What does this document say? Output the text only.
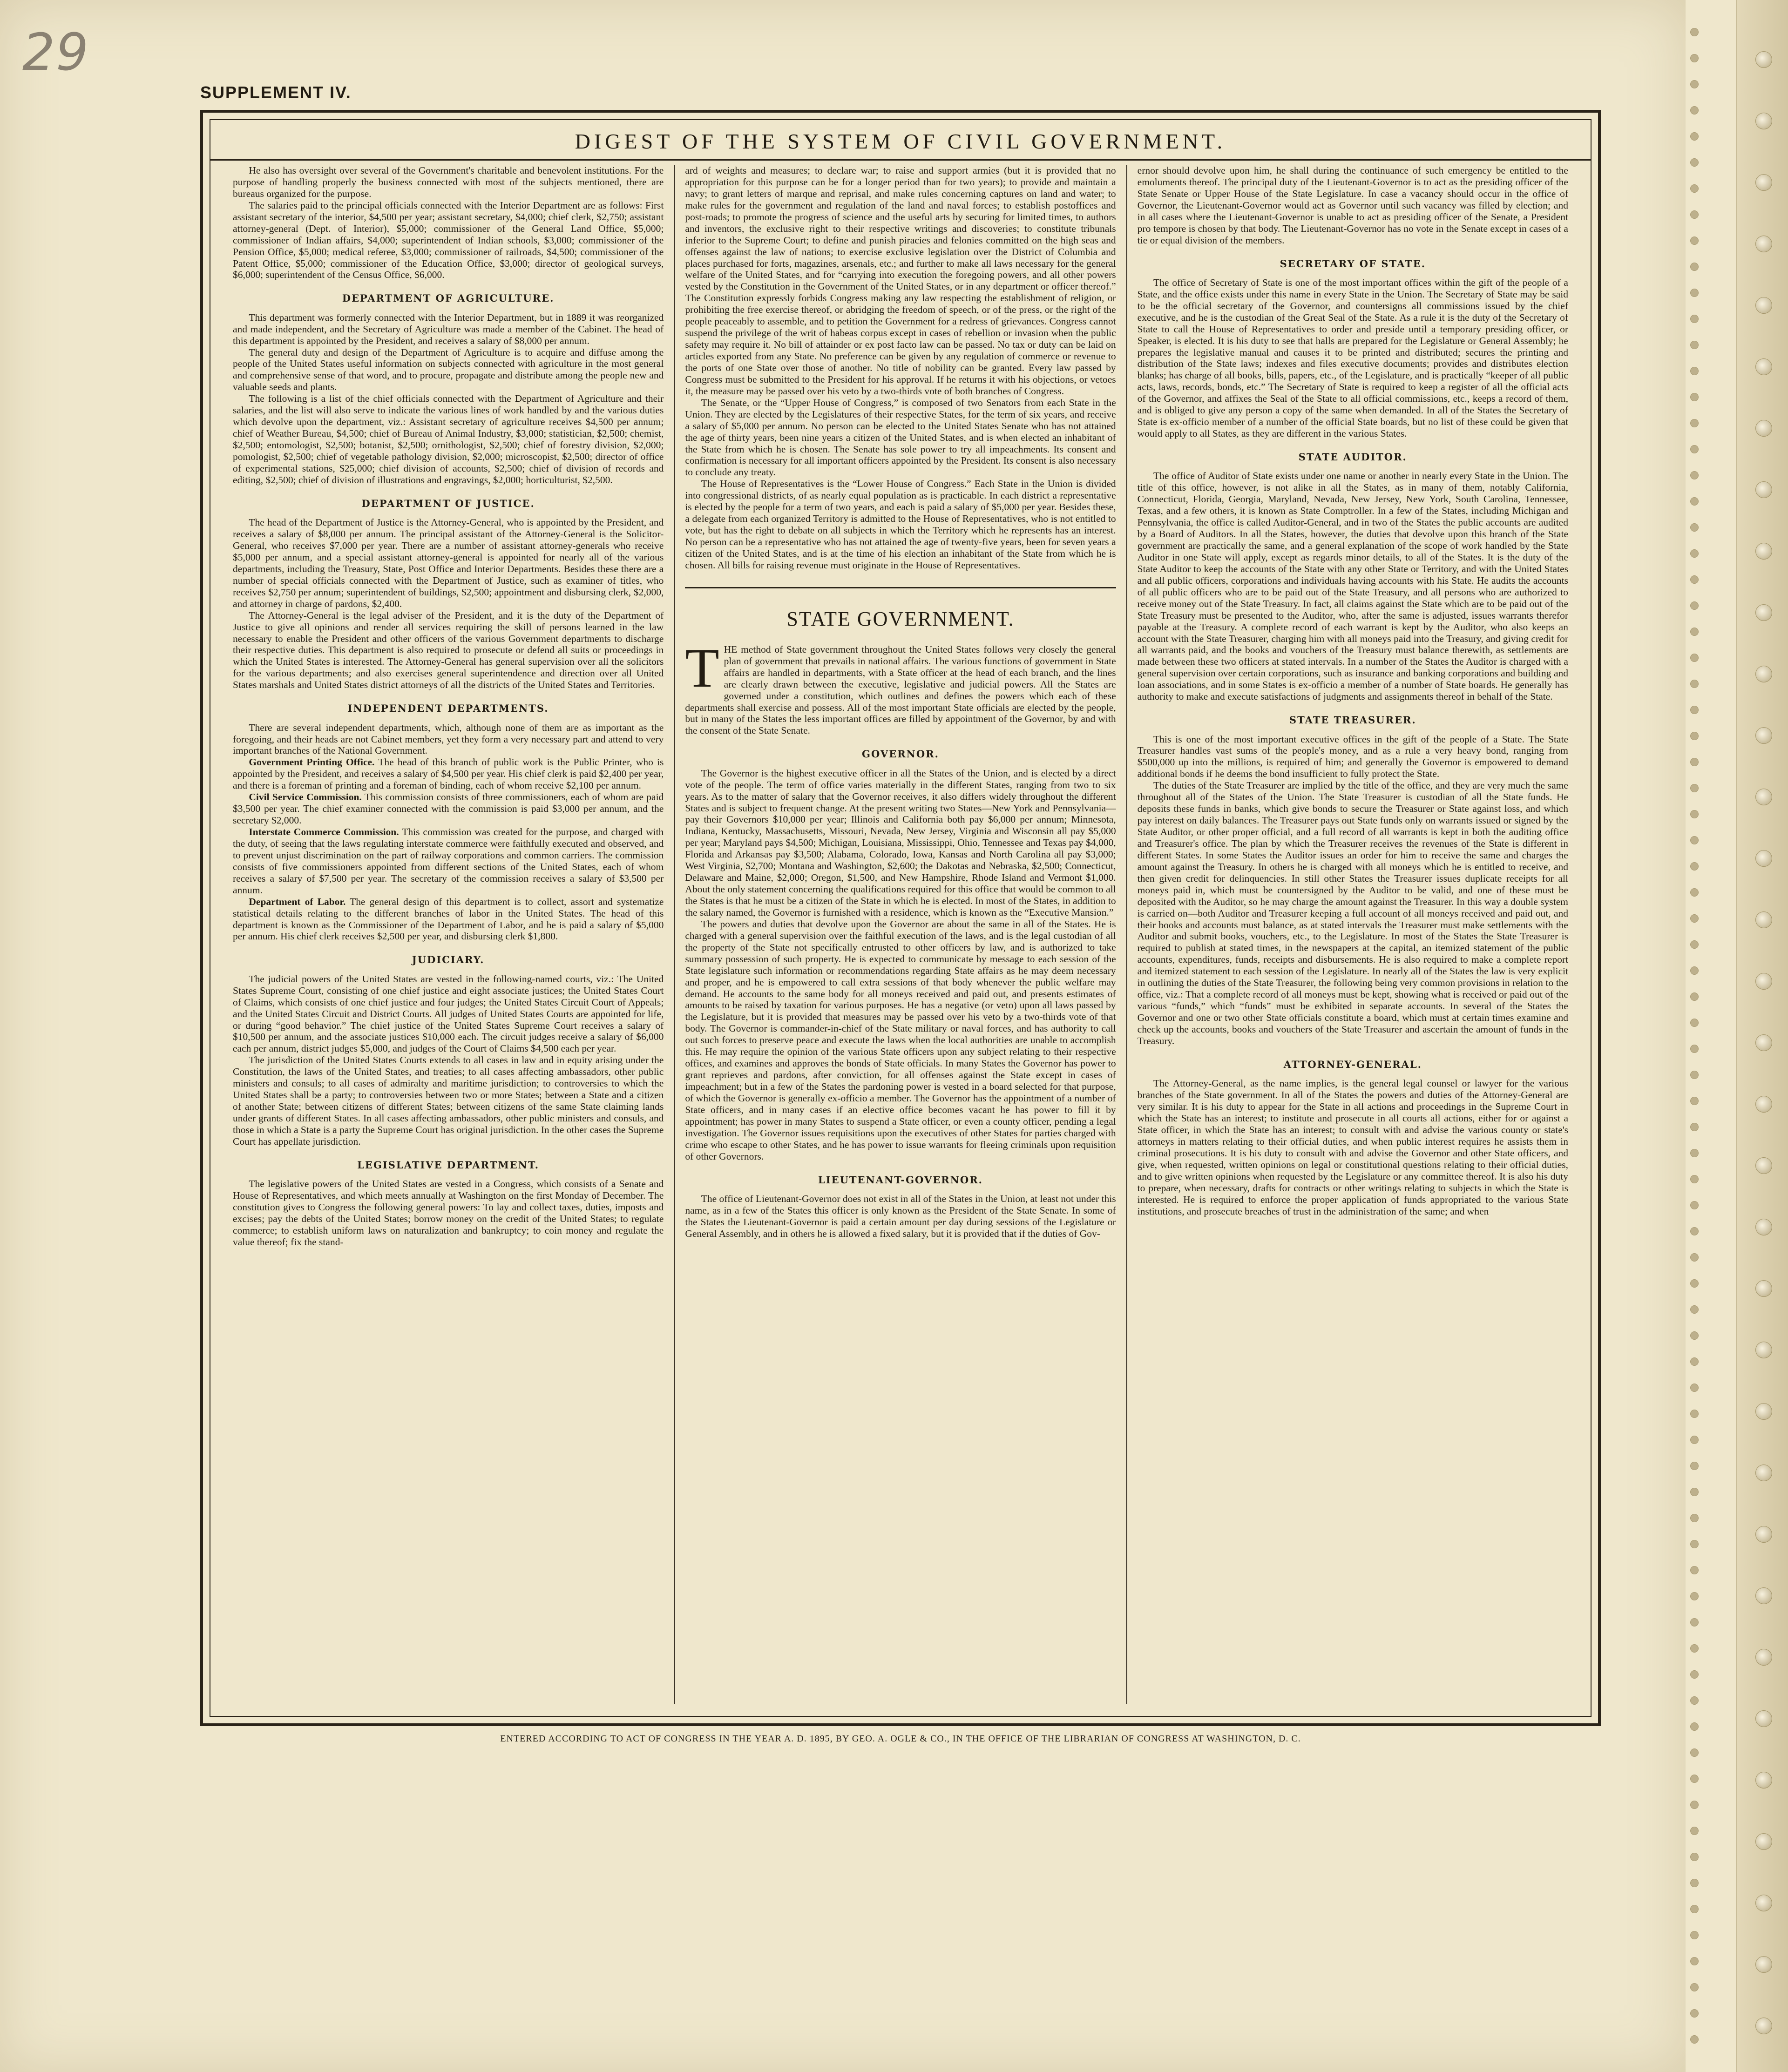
29
SUPPLEMENT IV.
DIGEST OF THE SYSTEM OF CIVIL GOVERNMENT.

He also has oversight over several of the Government's charitable and benevolent institutions. For the purpose of handling properly the business connected with most of the subjects mentioned, there are bureaus organized for the purpose.

The salaries paid to the principal officials connected with the Interior Department are as follows: First assistant secretary of the interior, $4,500 per year; assistant secretary, $4,000; chief clerk, $2,750; assistant attorney-general (Dept. of Interior), $5,000; commissioner of the General Land Office, $5,000; commissioner of Indian affairs, $4,000; superintendent of Indian schools, $3,000; commissioner of the Pension Office, $5,000; medical referee, $3,000; commissioner of railroads, $4,500; commissioner of the Patent Office, $5,000; commissioner of the Education Office, $3,000; director of geological surveys, $6,000; superintendent of the Census Office, $6,000.

DEPARTMENT OF AGRICULTURE.

This department was formerly connected with the Interior Department, but in 1889 it was reorganized and made independent, and the Secretary of Agriculture was made a member of the Cabinet. The head of this department is appointed by the President, and receives a salary of $8,000 per annum.

The general duty and design of the Department of Agriculture is to acquire and diffuse among the people of the United States useful information on subjects connected with agriculture in the most general and comprehensive sense of that word, and to procure, propagate and distribute among the people new and valuable seeds and plants.

The following is a list of the chief officials connected with the Department of Agriculture and their salaries, and the list will also serve to indicate the various lines of work handled by and the various duties which devolve upon the department, viz.: Assistant secretary of agriculture receives $4,500 per annum; chief of Weather Bureau, $4,500; chief of Bureau of Animal Industry, $3,000; statistician, $2,500; chemist, $2,500; entomologist, $2,500; botanist, $2,500; ornithologist, $2,500; chief of forestry division, $2,000; pomologist, $2,500; chief of vegetable pathology division, $2,000; microscopist, $2,500; director of office of experimental stations, $25,000; chief division of accounts, $2,500; chief of division of records and editing, $2,500; chief of division of illustrations and engravings, $2,000; horticulturist, $2,500.

DEPARTMENT OF JUSTICE.

The head of the Department of Justice is the Attorney-General, who is appointed by the President, and receives a salary of $8,000 per annum. The principal assistant of the Attorney-General is the Solicitor-General, who receives $7,000 per year. There are a number of assistant attorney-generals who receive $5,000 per annum, and a special assistant attorney-general is appointed for nearly all of the various departments, including the Treasury, State, Post Office and Interior Departments. Besides these there are a number of special officials connected with the Department of Justice, such as examiner of titles, who receives $2,750 per annum; superintendent of buildings, $2,500; appointment and disbursing clerk, $2,000, and attorney in charge of pardons, $2,400.

The Attorney-General is the legal adviser of the President, and it is the duty of the Department of Justice to give all opinions and render all services requiring the skill of persons learned in the law necessary to enable the President and other officers of the various Government departments to discharge their respective duties. This department is also required to prosecute or defend all suits or proceedings in which the United States is interested. The Attorney-General has general supervision over all the solicitors for the various departments; and also exercises general superintendence and direction over all United States marshals and United States district attorneys of all the districts of the United States and Territories.

INDEPENDENT DEPARTMENTS.

There are several independent departments, which, although none of them are as important as the foregoing, and their heads are not Cabinet members, yet they form a very necessary part and attend to very important branches of the National Government.

Government Printing Office. The head of this branch of public work is the Public Printer, who is appointed by the President, and receives a salary of $4,500 per year. His chief clerk is paid $2,400 per year, and there is a foreman of printing and a foreman of binding, each of whom receive $2,100 per annum.

Civil Service Commission. This commission consists of three commissioners, each of whom are paid $3,500 per year. The chief examiner connected with the commission is paid $3,000 per annum, and the secretary $2,000.

Interstate Commerce Commission. This commission was created for the purpose, and charged with the duty, of seeing that the laws regulating interstate commerce were faithfully executed and observed, and to prevent unjust discrimination on the part of railway corporations and common carriers. The commission consists of five commissioners appointed from different sections of the United States, each of whom receives a salary of $7,500 per year. The secretary of the commission receives a salary of $3,500 per annum.

Department of Labor. The general design of this department is to collect, assort and systematize statistical details relating to the different branches of labor in the United States. The head of this department is known as the Commissioner of the Department of Labor, and he is paid a salary of $5,000 per annum. His chief clerk receives $2,500 per year, and disbursing clerk $1,800.

JUDICIARY.

The judicial powers of the United States are vested in the following-named courts, viz.: The United States Supreme Court, consisting of one chief justice and eight associate justices; the United States Court of Claims, which consists of one chief justice and four judges; the United States Circuit Court of Appeals; and the United States Circuit and District Courts. All judges of United States Courts are appointed for life, or during “good behavior.” The chief justice of the United States Supreme Court receives a salary of $10,500 per annum, and the associate justices $10,000 each. The circuit judges receive a salary of $6,000 each per annum, district judges $5,000, and judges of the Court of Claims $4,500 each per year.

The jurisdiction of the United States Courts extends to all cases in law and in equity arising under the Constitution, the laws of the United States, and treaties; to all cases affecting ambassadors, other public ministers and consuls; to all cases of admiralty and maritime jurisdiction; to controversies to which the United States shall be a party; to controversies between two or more States; between a State and a citizen of another State; between citizens of different States; between citizens of the same State claiming lands under grants of different States. In all cases affecting ambassadors, other public ministers and consuls, and those in which a State is a party the Supreme Court has original jurisdiction. In the other cases the Supreme Court has appellate jurisdiction.

LEGISLATIVE DEPARTMENT.

The legislative powers of the United States are vested in a Congress, which consists of a Senate and House of Representatives, and which meets annually at Washington on the first Monday of December. The constitution gives to Congress the following general powers: To lay and collect taxes, duties, imposts and excises; pay the debts of the United States; borrow money on the credit of the United States; to regulate commerce; to establish uniform laws on naturalization and bankruptcy; to coin money and regulate the value thereof; fix the stand-

ard of weights and measures; to declare war; to raise and support armies (but it is provided that no appropriation for this purpose can be for a longer period than for two years); to provide and maintain a navy; to grant letters of marque and reprisal, and make rules concerning captures on land and water; to make rules for the government and regulation of the land and naval forces; to establish postoffices and post-roads; to promote the progress of science and the useful arts by securing for limited times, to authors and inventors, the exclusive right to their respective writings and discoveries; to constitute tribunals inferior to the Supreme Court; to define and punish piracies and felonies committed on the high seas and offenses against the law of nations; to exercise exclusive legislation over the District of Columbia and places purchased for forts, magazines, arsenals, etc.; and further to make all laws necessary for the general welfare of the United States, and for “carrying into execution the foregoing powers, and all other powers vested by the Constitution in the Government of the United States, or in any department or officer thereof.” The Constitution expressly forbids Congress making any law respecting the establishment of religion, or prohibiting the free exercise thereof, or abridging the freedom of speech, or of the press, or the right of the people peaceably to assemble, and to petition the Government for a redress of grievances. Congress cannot suspend the privilege of the writ of habeas corpus except in cases of rebellion or invasion when the public safety may require it. No bill of attainder or ex post facto law can be passed. No tax or duty can be laid on articles exported from any State. No preference can be given by any regulation of commerce or revenue to the ports of one State over those of another. No title of nobility can be granted. Every law passed by Congress must be submitted to the President for his approval. If he returns it with his objections, or vetoes it, the measure may be passed over his veto by a two-thirds vote of both branches of Congress.

The Senate, or the “Upper House of Congress,” is composed of two Senators from each State in the Union. They are elected by the Legislatures of their respective States, for the term of six years, and receive a salary of $5,000 per annum. No person can be elected to the United States Senate who has not attained the age of thirty years, been nine years a citizen of the United States, and is when elected an inhabitant of the State from which he is chosen. The Senate has sole power to try all impeachments. Its consent and confirmation is necessary for all important officers appointed by the President. Its consent is also necessary to conclude any treaty.

The House of Representatives is the “Lower House of Congress.” Each State in the Union is divided into congressional districts, of as nearly equal population as is practicable. In each district a representative is elected by the people for a term of two years, and each is paid a salary of $5,000 per year. Besides these, a delegate from each organized Territory is admitted to the House of Representatives, who is not entitled to vote, but has the right to debate on all subjects in which the Territory which he represents has an interest. No person can be a representative who has not attained the age of twenty-five years, been for seven years a citizen of the United States, and is at the time of his election an inhabitant of the State from which he is chosen. All bills for raising revenue must originate in the House of Representatives.

STATE GOVERNMENT.

THE method of State government throughout the United States follows very closely the general plan of government that prevails in national affairs. The various functions of government in State affairs are handled in departments, with a State officer at the head of each branch, and the lines are clearly drawn between the executive, legislative and judicial powers. All the States are governed under a constitution, which outlines and defines the powers which each of these departments shall exercise and possess. All of the most important State officials are elected by the people, but in many of the States the less important offices are filled by appointment of the Governor, by and with the consent of the State Senate.

GOVERNOR.

The Governor is the highest executive officer in all the States of the Union, and is elected by a direct vote of the people. The term of office varies materially in the different States, ranging from two to six years. As to the matter of salary that the Governor receives, it also differs widely throughout the different States and is subject to frequent change. At the present writing two States—New York and Pennsylvania—pay their Governors $10,000 per year; Illinois and California both pay $6,000 per annum; Minnesota, Indiana, Kentucky, Massachusetts, Missouri, Nevada, New Jersey, Virginia and Wisconsin all pay $5,000 per year; Maryland pays $4,500; Michigan, Louisiana, Mississippi, Ohio, Tennessee and Texas pay $4,000, Florida and Arkansas pay $3,500; Alabama, Colorado, Iowa, Kansas and North Carolina all pay $3,000; West Virginia, $2,700; Montana and Washington, $2,600; the Dakotas and Nebraska, $2,500; Connecticut, Delaware and Maine, $2,000; Oregon, $1,500, and New Hampshire, Rhode Island and Vermont $1,000. About the only statement concerning the qualifications required for this office that would be common to all the States is that he must be a citizen of the State in which he is elected. In most of the States, in addition to the salary named, the Governor is furnished with a residence, which is known as the “Executive Mansion.”

The powers and duties that devolve upon the Governor are about the same in all of the States. He is charged with a general supervision over the faithful execution of the laws, and is the legal custodian of all the property of the State not specifically entrusted to other officers by law, and is authorized to take summary possession of such property. He is expected to communicate by message to each session of the State legislature such information or recommendations regarding State affairs as he may deem necessary and proper, and he is empowered to call extra sessions of that body whenever the public welfare may demand. He accounts to the same body for all moneys received and paid out, and presents estimates of amounts to be raised by taxation for various purposes. He has a negative (or veto) upon all laws passed by the Legislature, but it is provided that measures may be passed over his veto by a two-thirds vote of that body. The Governor is commander-in-chief of the State military or naval forces, and has authority to call out such forces to preserve peace and execute the laws when the local authorities are unable to accomplish this. He may require the opinion of the various State officers upon any subject relating to their respective offices, and examines and approves the bonds of State officials. In many States the Governor has power to grant reprieves and pardons, after conviction, for all offenses against the State except in cases of impeachment; but in a few of the States the pardoning power is vested in a board selected for that purpose, of which the Governor is generally ex-officio a member. The Governor has the appointment of a number of State officers, and in many cases if an elective office becomes vacant he has power to fill it by appointment; has power in many States to suspend a State officer, or even a county officer, pending a legal investigation. The Governor issues requisitions upon the executives of other States for parties charged with crime who escape to other States, and he has power to issue warrants for fleeing criminals upon requisition of other Governors.

LIEUTENANT-GOVERNOR.

The office of Lieutenant-Governor does not exist in all of the States in the Union, at least not under this name, as in a few of the States this officer is only known as the President of the State Senate. In some of the States the Lieutenant-Governor is paid a certain amount per day during sessions of the Legislature or General Assembly, and in others he is allowed a fixed salary, but it is provided that if the duties of Gov-

ernor should devolve upon him, he shall during the continuance of such emergency be entitled to the emoluments thereof. The principal duty of the Lieutenant-Governor is to act as the presiding officer of the State Senate or Upper House of the State Legislature. In case a vacancy should occur in the office of Governor, the Lieutenant-Governor would act as Governor until such vacancy was filled by election; and in all cases where the Lieutenant-Governor is unable to act as presiding officer of the Senate, a President pro tempore is chosen by that body. The Lieutenant-Governor has no vote in the Senate except in cases of a tie or equal division of the members.

SECRETARY OF STATE.

The office of Secretary of State is one of the most important offices within the gift of the people of a State, and the office exists under this name in every State in the Union. The Secretary of State may be said to be the official secretary of the Governor, and countersigns all commissions issued by the chief executive, and he is the custodian of the Great Seal of the State. As a rule it is the duty of the Secretary of State to call the House of Representatives to order and preside until a temporary presiding officer, or Speaker, is elected. It is his duty to see that halls are prepared for the Legislature or General Assembly; he prepares the legislative manual and causes it to be printed and distributed; secures the printing and distribution of the State laws; indexes and files executive documents; provides and distributes election blanks; has charge of all books, bills, papers, etc., of the Legislature, and is practically “keeper of all public acts, laws, records, bonds, etc.” The Secretary of State is required to keep a register of all the official acts of the Governor, and affixes the Seal of the State to all official commissions, etc., keeps a record of them, and is obliged to give any person a copy of the same when demanded. In all of the States the Secretary of State is ex-officio member of a number of the official State boards, but no list of these could be given that would apply to all States, as they are different in the various States.

STATE AUDITOR.

The office of Auditor of State exists under one name or another in nearly every State in the Union. The title of this office, however, is not alike in all the States, as in many of them, notably California, Connecticut, Florida, Georgia, Maryland, Nevada, New Jersey, New York, South Carolina, Tennessee, Texas, and a few others, it is known as State Comptroller. In a few of the States, including Michigan and Pennsylvania, the office is called Auditor-General, and in two of the States the public accounts are audited by a Board of Auditors. In all the States, however, the duties that devolve upon this branch of the State government are practically the same, and a general explanation of the scope of work handled by the State Auditor in one State will apply, except as regards minor details, to all of the States. It is the duty of the State Auditor to keep the accounts of the State with any other State or Territory, and with the United States and all public officers, corporations and individuals having accounts with his State. He audits the accounts of all public officers who are to be paid out of the State Treasury, and all persons who are authorized to receive money out of the State Treasury. In fact, all claims against the State which are to be paid out of the State Treasury must be presented to the Auditor, who, after the same is adjusted, issues warrants therefor payable at the Treasury. A complete record of each warrant is kept by the Auditor, who also keeps an account with the State Treasurer, charging him with all moneys paid into the Treasury, and giving credit for all warrants paid, and the books and vouchers of the Treasury must balance therewith, as settlements are made between these two officers at stated intervals. In a number of the States the Auditor is charged with a general supervision over certain corporations, such as insurance and banking corporations and building and loan associations, and in some States is ex-officio a member of a number of State boards. He generally has authority to make and execute satisfactions of judgments and assignments thereof in behalf of the State.

STATE TREASURER.

This is one of the most important executive offices in the gift of the people of a State. The State Treasurer handles vast sums of the people's money, and as a rule a very heavy bond, ranging from $500,000 up into the millions, is required of him; and generally the Governor is empowered to demand additional bonds if he deems the bond insufficient to fully protect the State.

The duties of the State Treasurer are implied by the title of the office, and they are very much the same throughout all of the States of the Union. The State Treasurer is custodian of all the State funds. He deposits these funds in banks, which give bonds to secure the Treasurer or State against loss, and which pay interest on daily balances. The Treasurer pays out State funds only on warrants issued or signed by the State Auditor, or other proper official, and a full record of all warrants is kept in both the auditing office and Treasurer's office. The plan by which the Treasurer receives the revenues of the State is different in different States. In some States the Auditor issues an order for him to receive the same and charges the amount against the Treasury. In others he is charged with all moneys which he is entitled to receive, and then given credit for delinquencies. In still other States the Treasurer issues duplicate receipts for all moneys paid in, which must be countersigned by the Auditor to be valid, and one of these must be deposited with the Auditor, so he may charge the amount against the Treasurer. In this way a double system is carried on—both Auditor and Treasurer keeping a full account of all moneys received and paid out, and their books and accounts must balance, as at stated intervals the Treasurer must make settlements with the Auditor and submit books, vouchers, etc., to the Legislature. In most of the States the State Treasurer is required to publish at stated times, in the newspapers at the capital, an itemized statement of the public accounts, expenditures, funds, receipts and disbursements. He is also required to make a complete report and itemized statement to each session of the Legislature. In nearly all of the States the law is very explicit in outlining the duties of the State Treasurer, the following being very common provisions in relation to the office, viz.: That a complete record of all moneys must be kept, showing what is received or paid out of the various “funds,” which “funds” must be exhibited in separate accounts. In several of the States the Governor and one or two other State officials constitute a board, which must at certain times examine and check up the accounts, books and vouchers of the State Treasurer and ascertain the amount of funds in the Treasury.

ATTORNEY-GENERAL.

The Attorney-General, as the name implies, is the general legal counsel or lawyer for the various branches of the State government. In all of the States the powers and duties of the Attorney-General are very similar. It is his duty to appear for the State in all actions and proceedings in the Supreme Court in which the State has an interest; to institute and prosecute in all courts all actions, either for or against a State officer, in which the State has an interest; to consult with and advise the various county or state's attorneys in matters relating to their official duties, and when public interest requires he assists them in criminal prosecutions. It is his duty to consult with and advise the Governor and other State officers, and give, when requested, written opinions on legal or constitutional questions relating to their official duties, and to give written opinions when requested by the Legislature or any committee thereof. It is also his duty to prepare, when necessary, drafts for contracts or other writings relating to subjects in which the State is interested. He is required to enforce the proper application of funds appropriated to the various State institutions, and prosecute breaches of trust in the administration of the same; and when

ENTERED ACCORDING TO ACT OF CONGRESS IN THE YEAR A. D. 1895, BY GEO. A. OGLE & CO., IN THE OFFICE OF THE LIBRARIAN OF CONGRESS AT WASHINGTON, D. C.
